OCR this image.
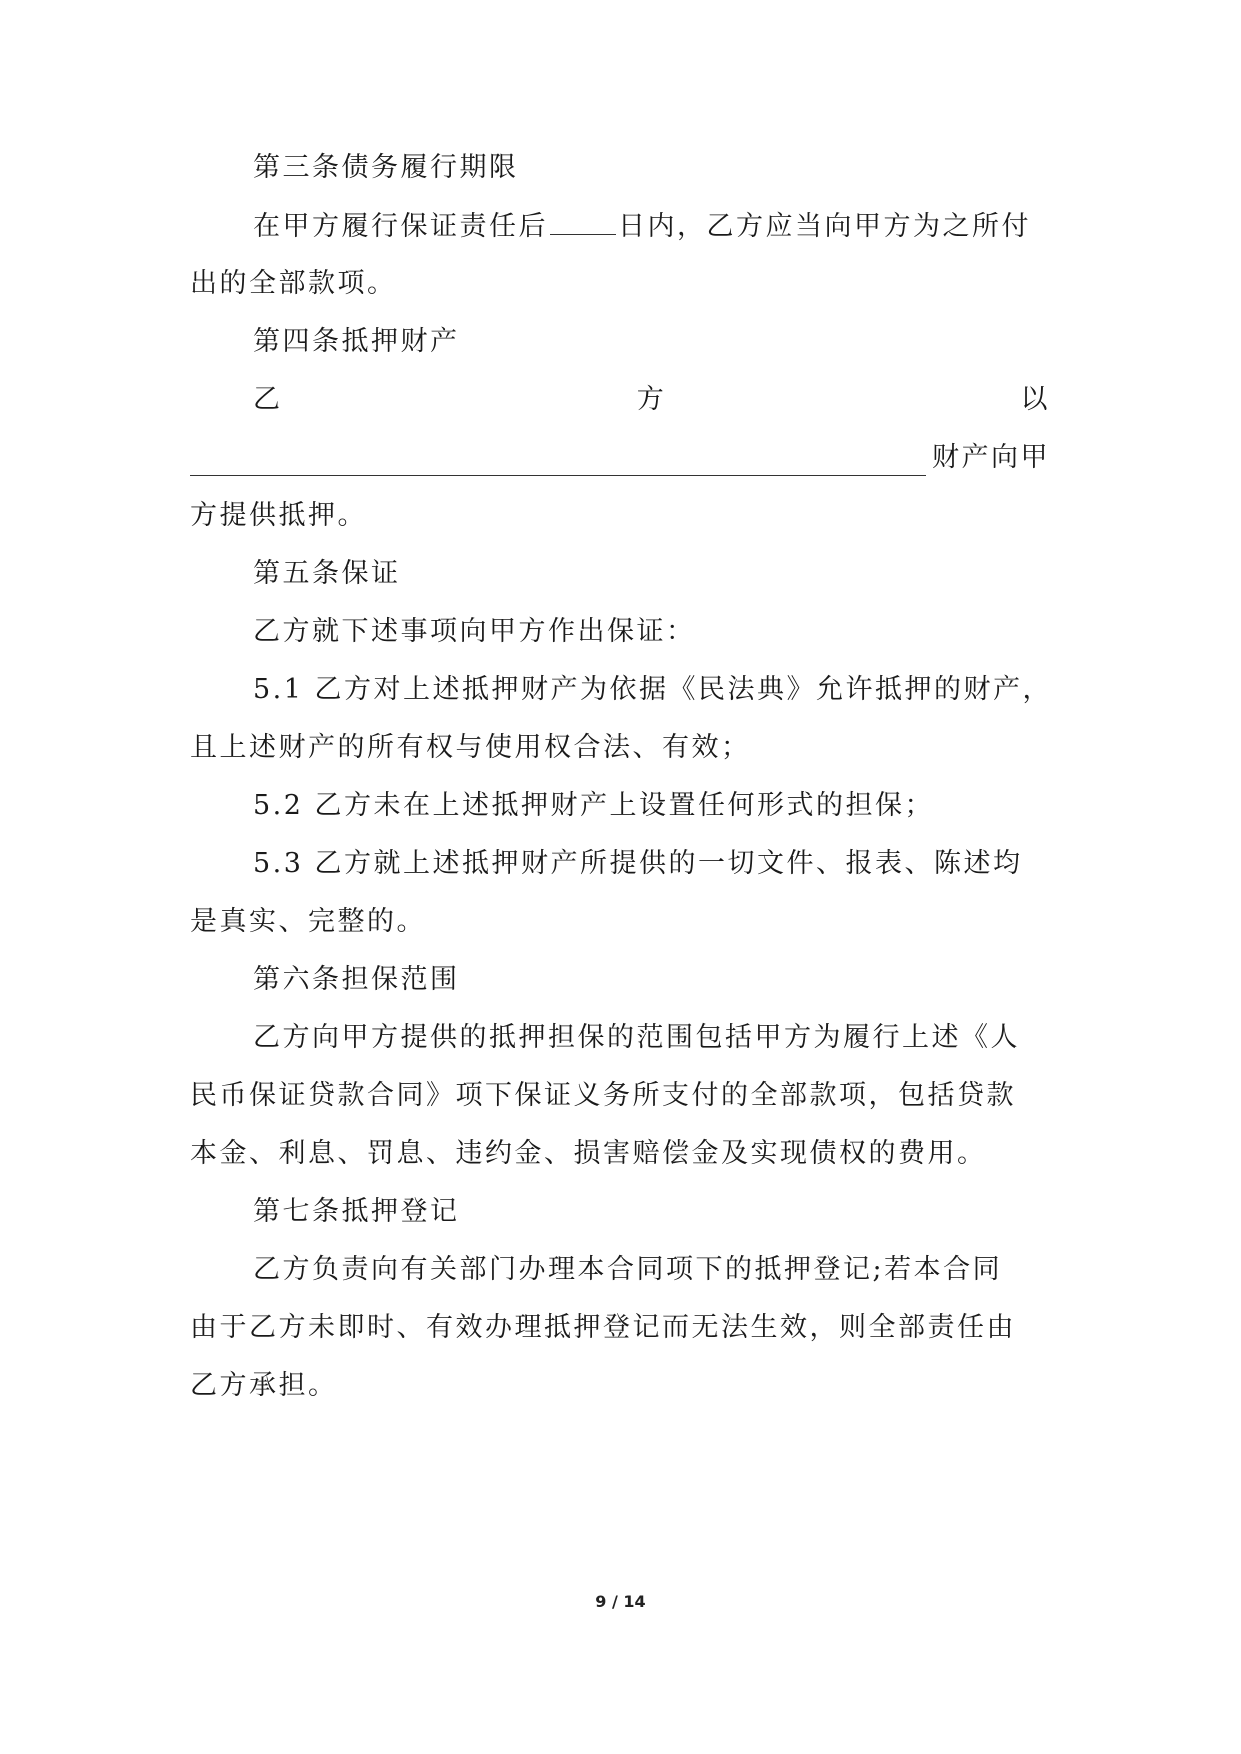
第三条债务履行期限
在甲方履行保证责任后	日内，乙方应当向甲方为之所付
出的全部款项。
第四条抵押财产
乙	方	以
财产向甲
方提供抵押。
第五条保证
乙方就下述事项向甲方作出保证：
5.1 乙方对上述抵押财产为依据《民法典》允许抵押的财产，
且上述财产的所有权与使用权合法、有效；
5.2 乙方未在上述抵押财产上设置任何形式的担保；
5.3 乙方就上述抵押财产所提供的一切文件、报表、陈述均
是真实、完整的。
第六条担保范围
乙方向甲方提供的抵押担保的范围包括甲方为履行上述《人
民币保证贷款合同》项下保证义务所支付的全部款项，包括贷款
本金、利息、罚息、违约金、损害赔偿金及实现债权的费用。
第七条抵押登记
乙方负责向有关部门办理本合同项下的抵押登记;若本合同
由于乙方未即时、有效办理抵押登记而无法生效，则全部责任由
乙方承担。
9 / 14
